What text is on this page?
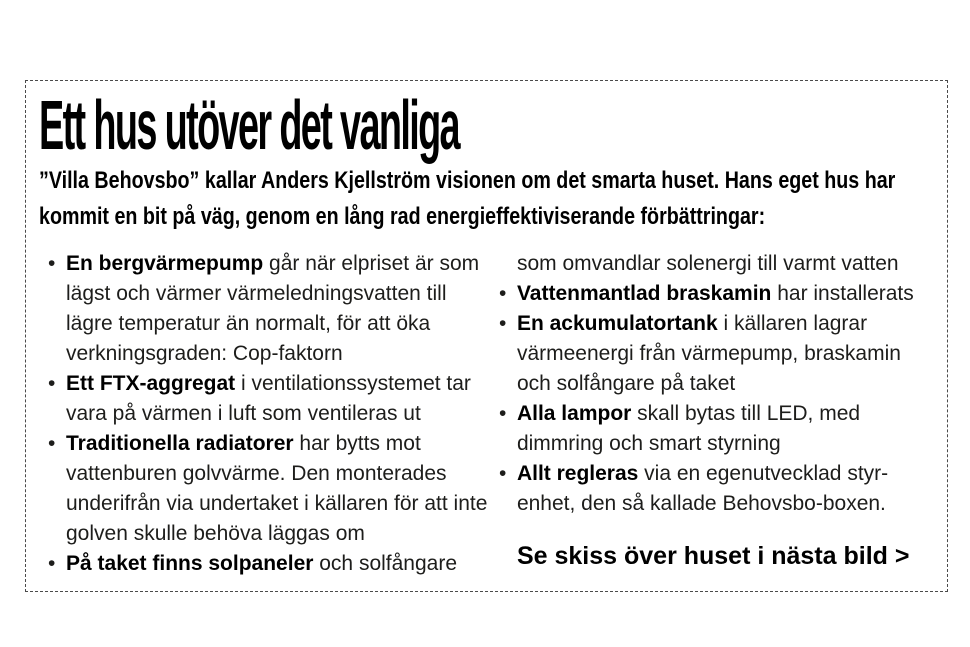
Ett hus utöver det vanliga

”Villa Behovsbo” kallar Anders Kjellström visionen om det smarta huset. Hans eget hus har kommit en bit på väg, genom en lång rad energieffektiviserande förbättringar:

• En bergvärmepump går när elpriset är som lägst och värmer värmeledningsvatten till lägre temperatur än normalt, för att öka verkningsgraden: Cop-faktorn
• Ett FTX-aggregat i ventilationssystemet tar vara på värmen i luft som ventileras ut
• Traditionella radiatorer har bytts mot vattenburen golvvärme. Den monterades underifrån via undertaket i källaren för att inte golven skulle behöva läggas om
• På taket finns solpaneler och solfångare
som omvandlar solenergi till varmt vatten
• Vattenmantlad braskamin har installerats
• En ackumulatortank i källaren lagrar värmeenergi från värmepump, braskamin och solfångare på taket
• Alla lampor skall bytas till LED, med dimmring och smart styrning
• Allt regleras via en egenutvecklad styr-enhet, den så kallade Behovsbo-boxen.
Se skiss över huset i nästa bild >
